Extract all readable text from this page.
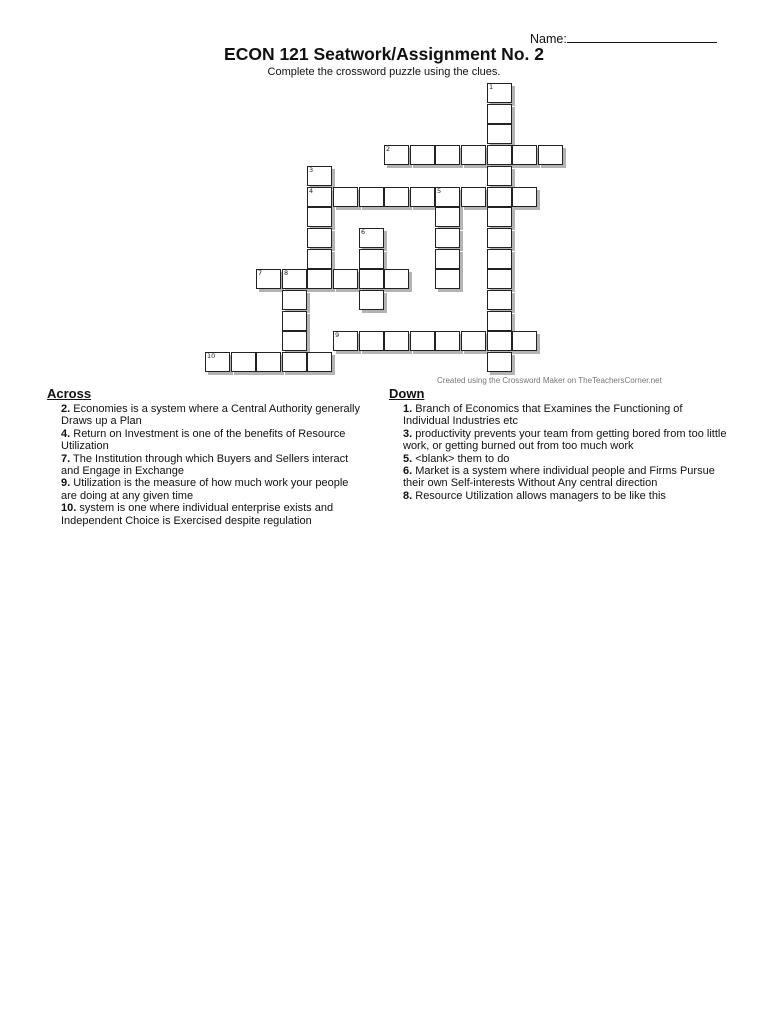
Name:
ECON 121 Seatwork/Assignment No. 2
Complete the crossword puzzle using the clues.
1
2
3
4	5
6
7	8
9
10
Created using the Crossword Maker on TheTeachersCorner.net
Across
2. Economies is a system where a Central Authority generally Draws up a Plan
4. Return on Investment is one of the benefits of Resource Utilization
7. The Institution through which Buyers and Sellers interact and Engage in Exchange
9. Utilization is the measure of how much work your people are doing at any given time
10. system is one where individual enterprise exists and Independent Choice is Exercised despite regulation
Down
1. Branch of Economics that Examines the Functioning of Individual Industries etc
3. productivity prevents your team from getting bored from too little work, or getting burned out from too much work
5. <blank> them to do
6. Market is a system where individual people and Firms Pursue their own Self-interests Without Any central direction
8. Resource Utilization allows managers to be like this
